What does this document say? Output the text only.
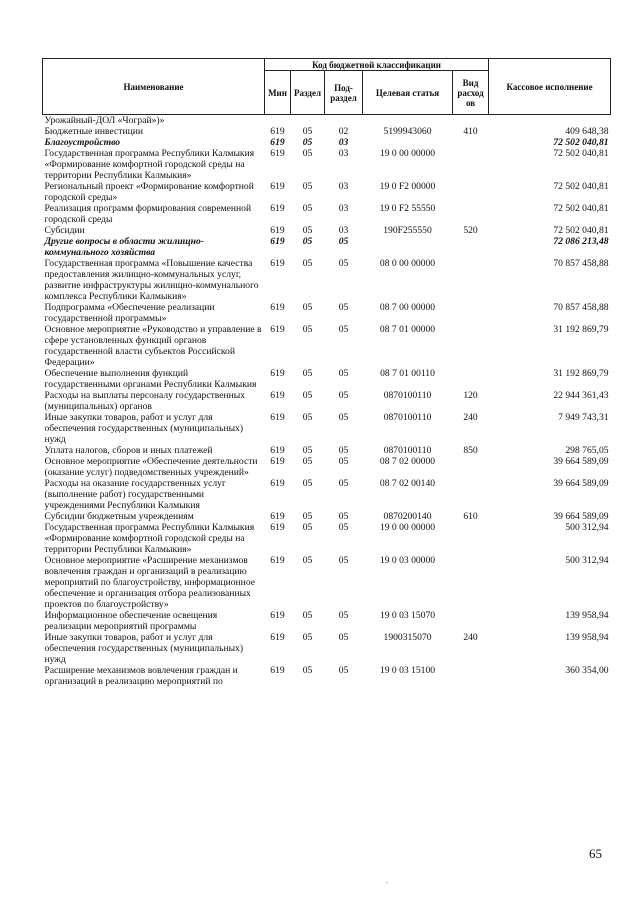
Наименование	Код бюджетной классификации					Кассовое исполнение
	Мин	Раздел	Под-раздел	Целевая статья	Вид расход ов	
Урожайный-ДОЛ «Чограй»)»						
Бюджетные инвестиции	619	05	02	5199943060	410	409 648,38
Благоустройство	619	05	03			72 502 040,81
Государственная программа Республики Калмыкия «Формирование комфортной городской среды на территории Республики Калмыкия»	619	05	03	19 0 00 00000		72 502 040,81
Региональный проект «Формирование комфортной городской среды»	619	05	03	19 0 F2 00000		72 502 040,81
Реализация программ формирования современной городской среды	619	05	03	19 0 F2 55550		72 502 040,81
Субсидии	619	05	03	190F255550	520	72 502 040,81
Другие вопросы в области жилищно-коммунального хозяйства	619	05	05			72 086 213,48
Государственная программа «Повышение качества предоставления жилищно-коммунальных услуг, развитие инфраструктуры жилищно-коммунального комплекса Республики Калмыкия»	619	05	05	08 0 00 00000		70 857 458,88
Подпрограмма «Обеспечение реализации государственной программы»	619	05	05	08 7 00 00000		70 857 458,88
Основное мероприятие «Руководство и управление в сфере установленных функций органов государственной власти субъектов Российской Федерации»	619	05	05	08 7 01 00000		31 192 869,79
Обеспечение выполнения функций государственными органами Республики Калмыкия	619	05	05	08 7 01 00110		31 192 869,79
Расходы на выплаты персоналу государственных (муниципальных) органов	619	05	05	0870100110	120	22 944 361,43
Иные закупки товаров, работ и услуг для обеспечения государственных (муниципальных) нужд	619	05	05	0870100110	240	7 949 743,31
Уплата налогов, сборов и иных платежей	619	05	05	0870100110	850	298 765,05
Основное мероприятие «Обеспечение деятельности (оказание услуг) подведомственных учреждений»	619	05	05	08 7 02 00000		39 664 589,09
Расходы на оказание государственных услуг (выполнение работ) государственными учреждениями Республики Калмыкия	619	05	05	08 7 02 00140		39 664 589,09
Субсидии бюджетным учреждениям	619	05	05	0870200140	610	39 664 589,09
Государственная программа Республики Калмыкия «Формирование комфортной городской среды на территории Республики Калмыкия»	619	05	05	19 0 00 00000		500 312,94
Основное мероприятие «Расширение механизмов вовлечения граждан и организаций в реализацию мероприятий по благоустройству, информационное обеспечение и организация отбора реализованных проектов по благоустройству»	619	05	05	19 0 03 00000		500 312,94
Информационное обеспечение освещения реализации мероприятий программы	619	05	05	19 0 03 15070		139 958,94
Иные закупки товаров, работ и услуг для обеспечения государственных (муниципальных) нужд	619	05	05	1900315070	240	139 958,94
Расширение механизмов вовлечения граждан и организаций в реализацию мероприятий по	619	05	05	19 0 03 15100		360 354,00
65
.
